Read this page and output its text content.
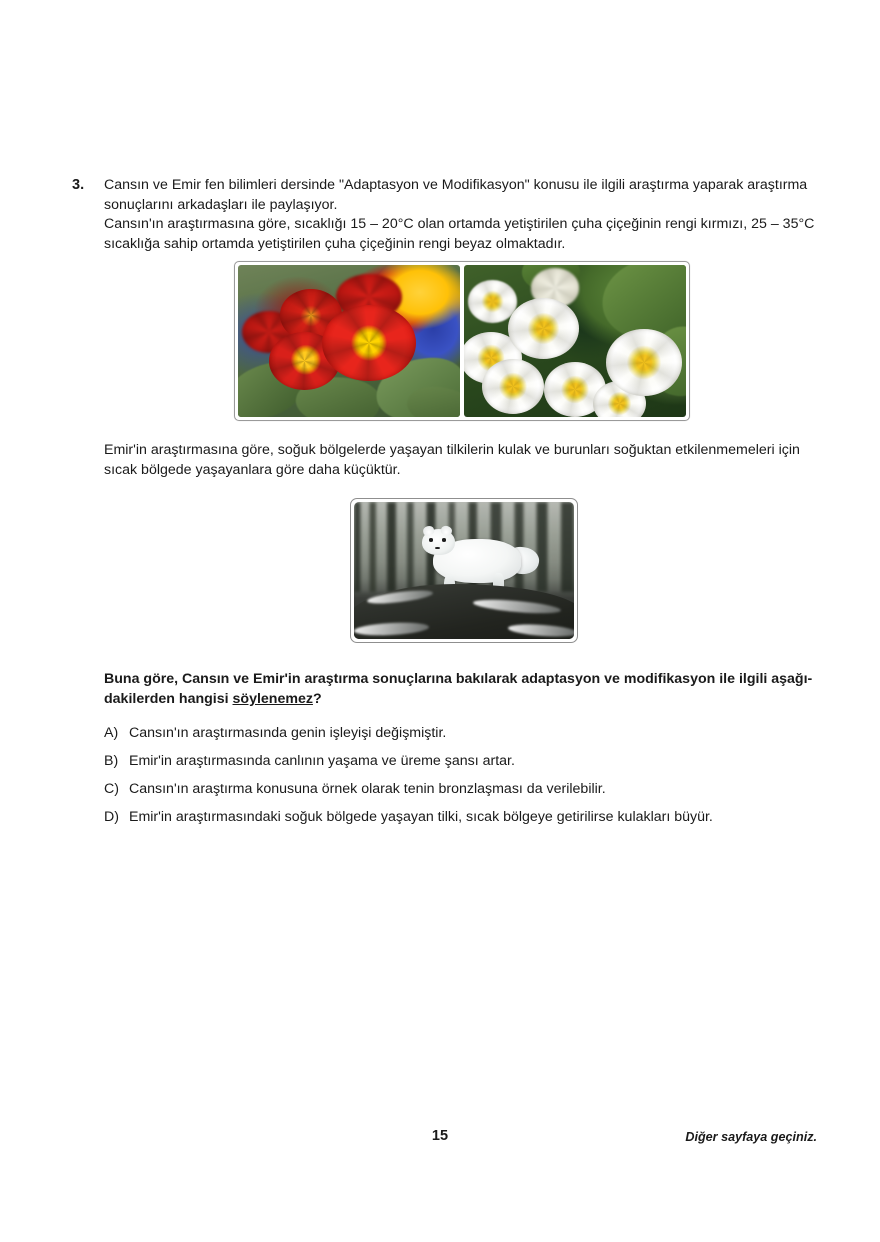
3.	Cansın ve Emir fen bilimleri dersinde "Adaptasyon ve Modifikasyon" konusu ile ilgili araştırma yaparak araştırma sonuçlarını arkadaşları ile paylaşıyor.

Cansın'ın araştırmasına göre, sıcaklığı 15 – 20°C olan ortamda yetiştirilen çuha çiçeğinin rengi kırmızı, 25 – 35°C sıcaklığa sahip ortamda yetiştirilen çuha çiçeğinin rengi beyaz olmaktadır.

Emir'in araştırmasına göre, soğuk bölgelerde yaşayan tilkilerin kulak ve burunları soğuktan etkilenmemeleri için sıcak bölgede yaşayanlara göre daha küçüktür.
Buna göre, Cansın ve Emir'in araştırma sonuçlarına bakılarak adaptasyon ve modifikasyon ile ilgili aşağı- dakilerden hangisi söylenemez?
A) Cansın'ın araştırmasında genin işleyişi değişmiştir.
B) Emir'in araştırmasında canlının yaşama ve üreme şansı artar.
C) Cansın'ın araştırma konusuna örnek olarak tenin bronzlaşması da verilebilir.
D) Emir'in araştırmasındaki soğuk bölgede yaşayan tilki, sıcak bölgeye getirilirse kulakları büyür.
15	Diğer sayfaya geçiniz.
